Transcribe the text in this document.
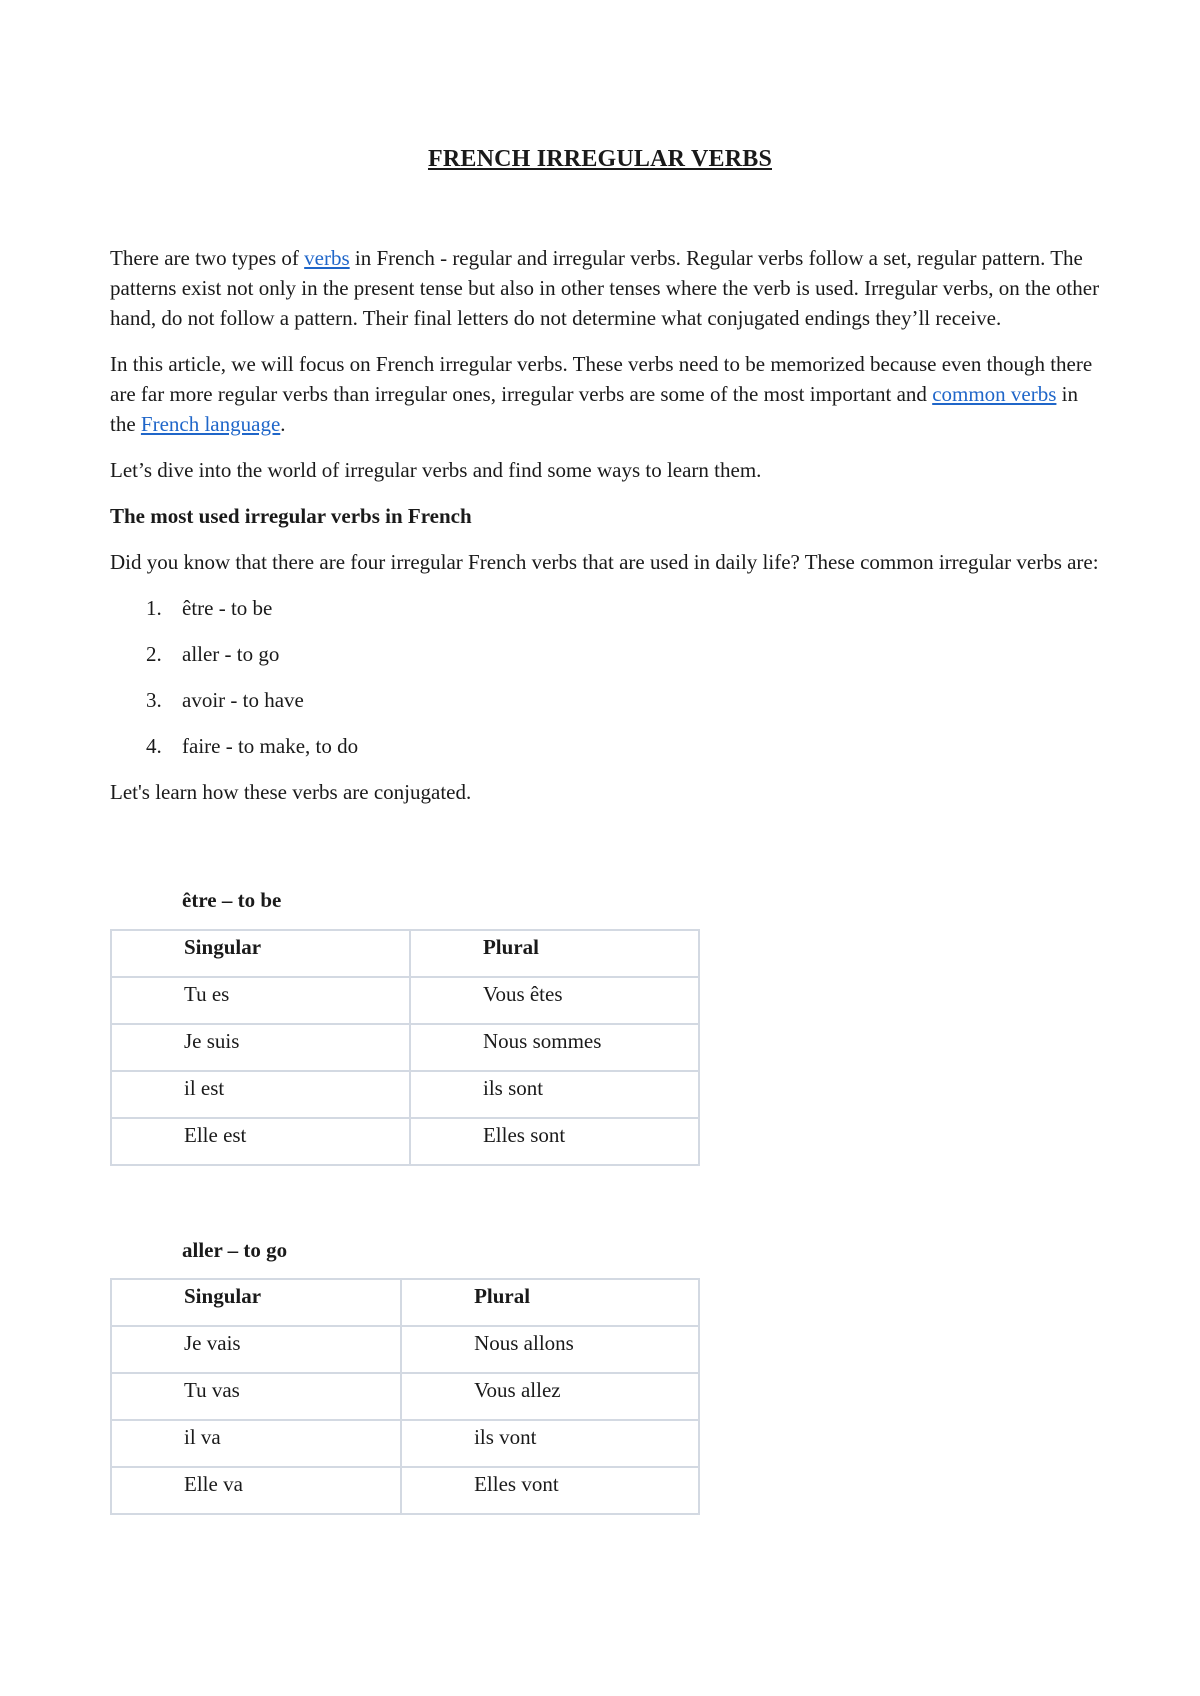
FRENCH IRREGULAR VERBS

There are two types of verbs in French - regular and irregular verbs. Regular verbs follow a set, regular pattern. The patterns exist not only in the present tense but also in other tenses where the verb is used. Irregular verbs, on the other hand, do not follow a pattern. Their final letters do not determine what conjugated endings they’ll receive.

In this article, we will focus on French irregular verbs. These verbs need to be memorized because even though there are far more regular verbs than irregular ones, irregular verbs are some of the most important and common verbs in the French language.

Let’s dive into the world of irregular verbs and find some ways to learn them.

The most used irregular verbs in French

Did you know that there are four irregular French verbs that are used in daily life? These common irregular verbs are:

1. être - to be
2. aller - to go
3. avoir - to have
4. faire - to make, to do

Let's learn how these verbs are conjugated.

être – to be
Singular	Plural
Tu es	Vous êtes
Je suis	Nous sommes
il est	ils sont
Elle est	Elles sont
aller – to go
Singular	Plural
Je vais	Nous allons
Tu vas	Vous allez
il va	ils vont
Elle va	Elles vont
